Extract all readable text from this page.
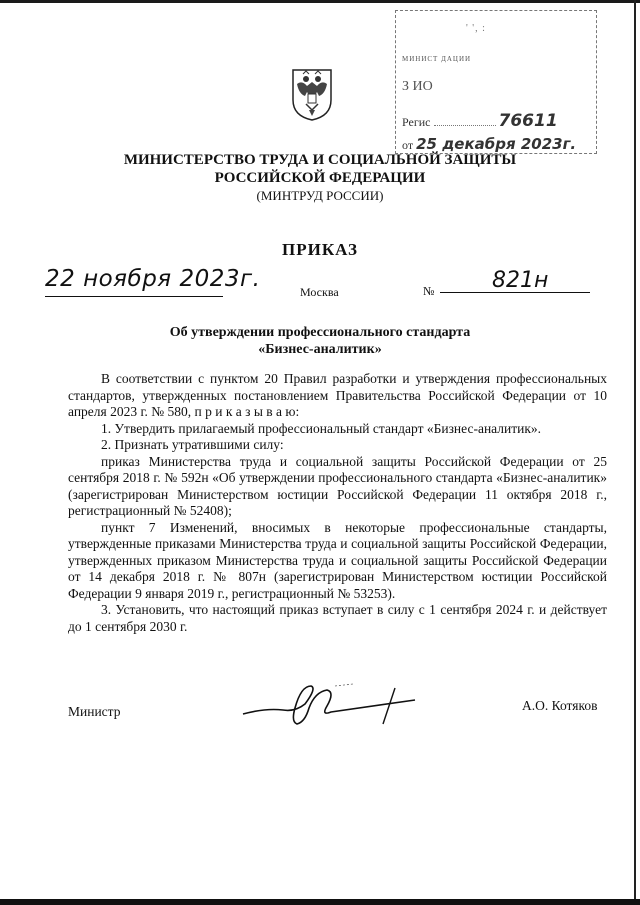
' ', :
МИНИСТ ДАЦИИ
З ИО
Регис	76611
от 25 декабря 2023г.
МИНИСТЕРСТВО ТРУДА И СОЦИАЛЬНОЙ ЗАЩИТЫ
РОССИЙСКОЙ ФЕДЕРАЦИИ
(МИНТРУД РОССИИ)
ПРИКАЗ
22 ноября 2023г.	Москва	№	821н
Об утверждении профессионального стандарта
«Бизнес-аналитик»

В соответствии с пунктом 20 Правил разработки и утверждения профессиональных стандартов, утвержденных постановлением Правительства Российской Федерации от 10 апреля 2023 г. № 580, п р и к а з ы в а ю:

1. Утвердить прилагаемый профессиональный стандарт «Бизнес-аналитик».

2. Признать утратившими силу:

приказ Министерства труда и социальной защиты Российской Федерации от 25 сентября 2018 г. № 592н «Об утверждении профессионального стандарта «Бизнес-аналитик» (зарегистрирован Министерством юстиции Российской Федерации 11 октября 2018 г., регистрационный № 52408);

пункт 7 Изменений, вносимых в некоторые профессиональные стандарты, утвержденные приказами Министерства труда и социальной защиты Российской Федерации, утвержденных приказом Министерства труда и социальной защиты Российской Федерации от 14 декабря 2018 г. № 807н (зарегистрирован Министерством юстиции Российской Федерации 9 января 2019 г., регистрационный № 53253).

3. Установить, что настоящий приказ вступает в силу с 1 сентября 2024 г. и действует до 1 сентября 2030 г.

Министр	А.О. Котяков
